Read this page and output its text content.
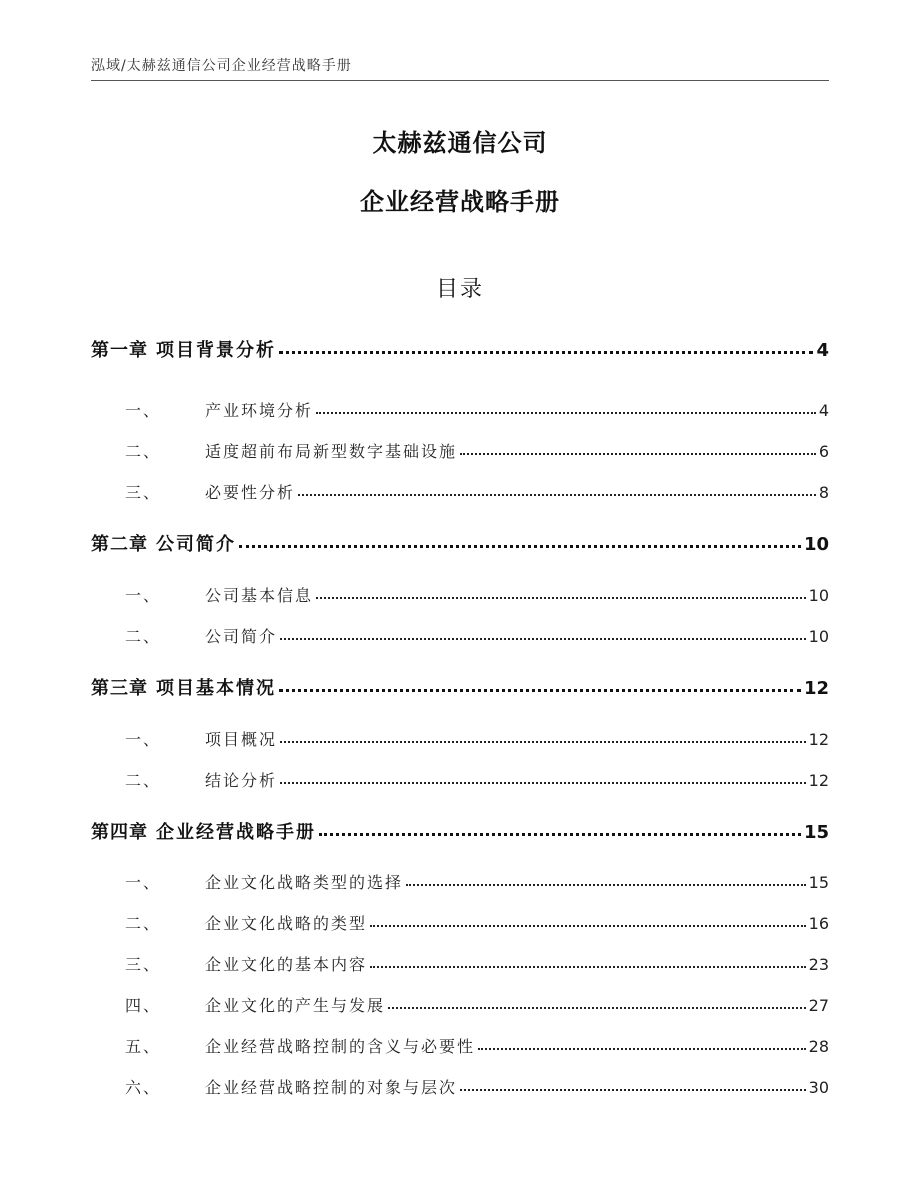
泓域/太赫兹通信公司企业经营战略手册
太赫兹通信公司
企业经营战略手册
目录
第一章 项目背景分析	4
一、	产业环境分析	4
二、	适度超前布局新型数字基础设施	6
三、	必要性分析	8
第二章 公司简介	10
一、	公司基本信息	10
二、	公司简介	10
第三章 项目基本情况	12
一、	项目概况	12
二、	结论分析	12
第四章 企业经营战略手册	15
一、	企业文化战略类型的选择	15
二、	企业文化战略的类型	16
三、	企业文化的基本内容	23
四、	企业文化的产生与发展	27
五、	企业经营战略控制的含义与必要性	28
六、	企业经营战略控制的对象与层次	30
